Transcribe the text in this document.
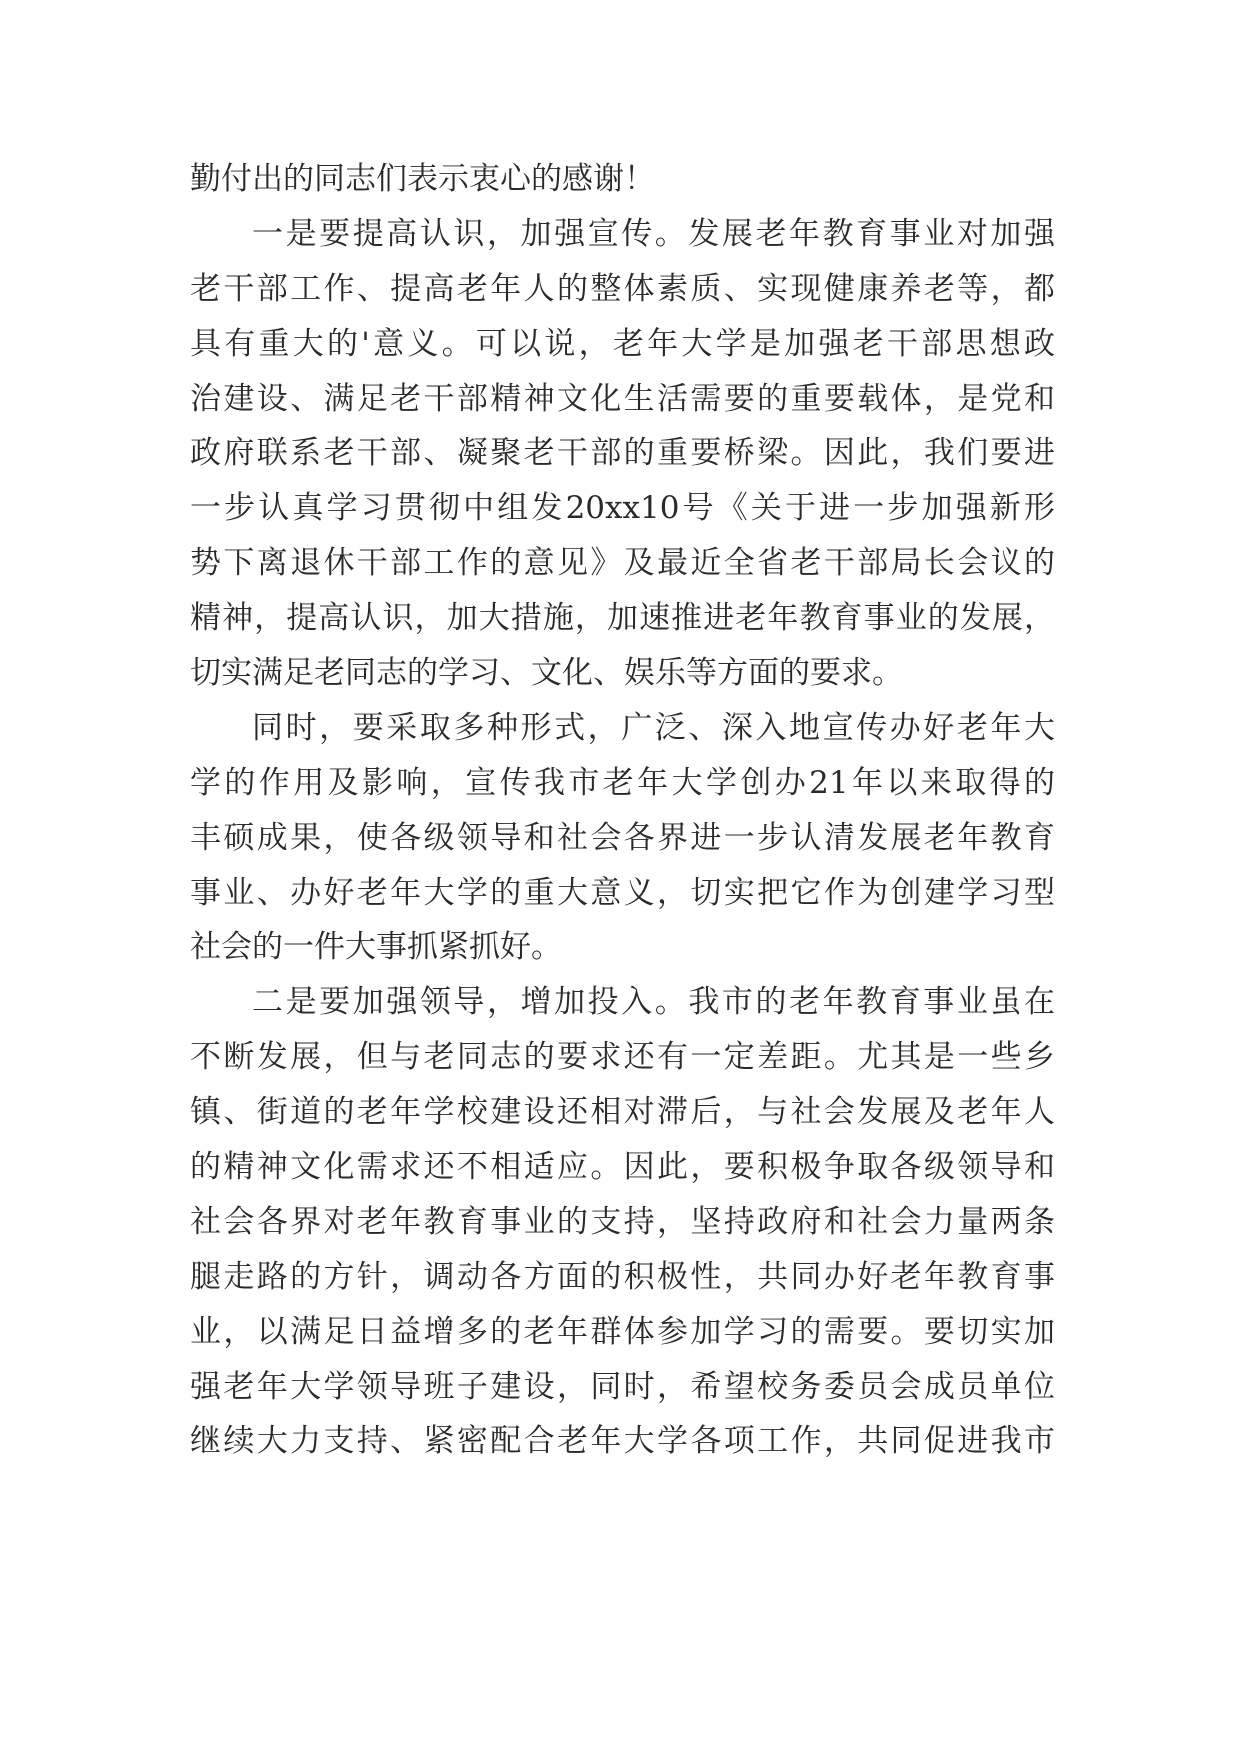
勤付出的同志们表示衷心的感谢！
一是要提高认识，加强宣传。发展老年教育事业对加强
老干部工作、提高老年人的整体素质、实现健康养老等，都
具有重大的'意义。可以说，老年大学是加强老干部思想政
治建设、满足老干部精神文化生活需要的重要载体，是党和
政府联系老干部、凝聚老干部的重要桥梁。因此，我们要进
一步认真学习贯彻中组发20xx10号《关于进一步加强新形
势下离退休干部工作的意见》及最近全省老干部局长会议的
精神，提高认识，加大措施，加速推进老年教育事业的发展，
切实满足老同志的学习、文化、娱乐等方面的要求。
同时，要采取多种形式，广泛、深入地宣传办好老年大
学的作用及影响，宣传我市老年大学创办21年以来取得的
丰硕成果，使各级领导和社会各界进一步认清发展老年教育
事业、办好老年大学的重大意义，切实把它作为创建学习型
社会的一件大事抓紧抓好。
二是要加强领导，增加投入。我市的老年教育事业虽在
不断发展，但与老同志的要求还有一定差距。尤其是一些乡
镇、街道的老年学校建设还相对滞后，与社会发展及老年人
的精神文化需求还不相适应。因此，要积极争取各级领导和
社会各界对老年教育事业的支持，坚持政府和社会力量两条
腿走路的方针，调动各方面的积极性，共同办好老年教育事
业，以满足日益增多的老年群体参加学习的需要。要切实加
强老年大学领导班子建设，同时，希望校务委员会成员单位
继续大力支持、紧密配合老年大学各项工作，共同促进我市
